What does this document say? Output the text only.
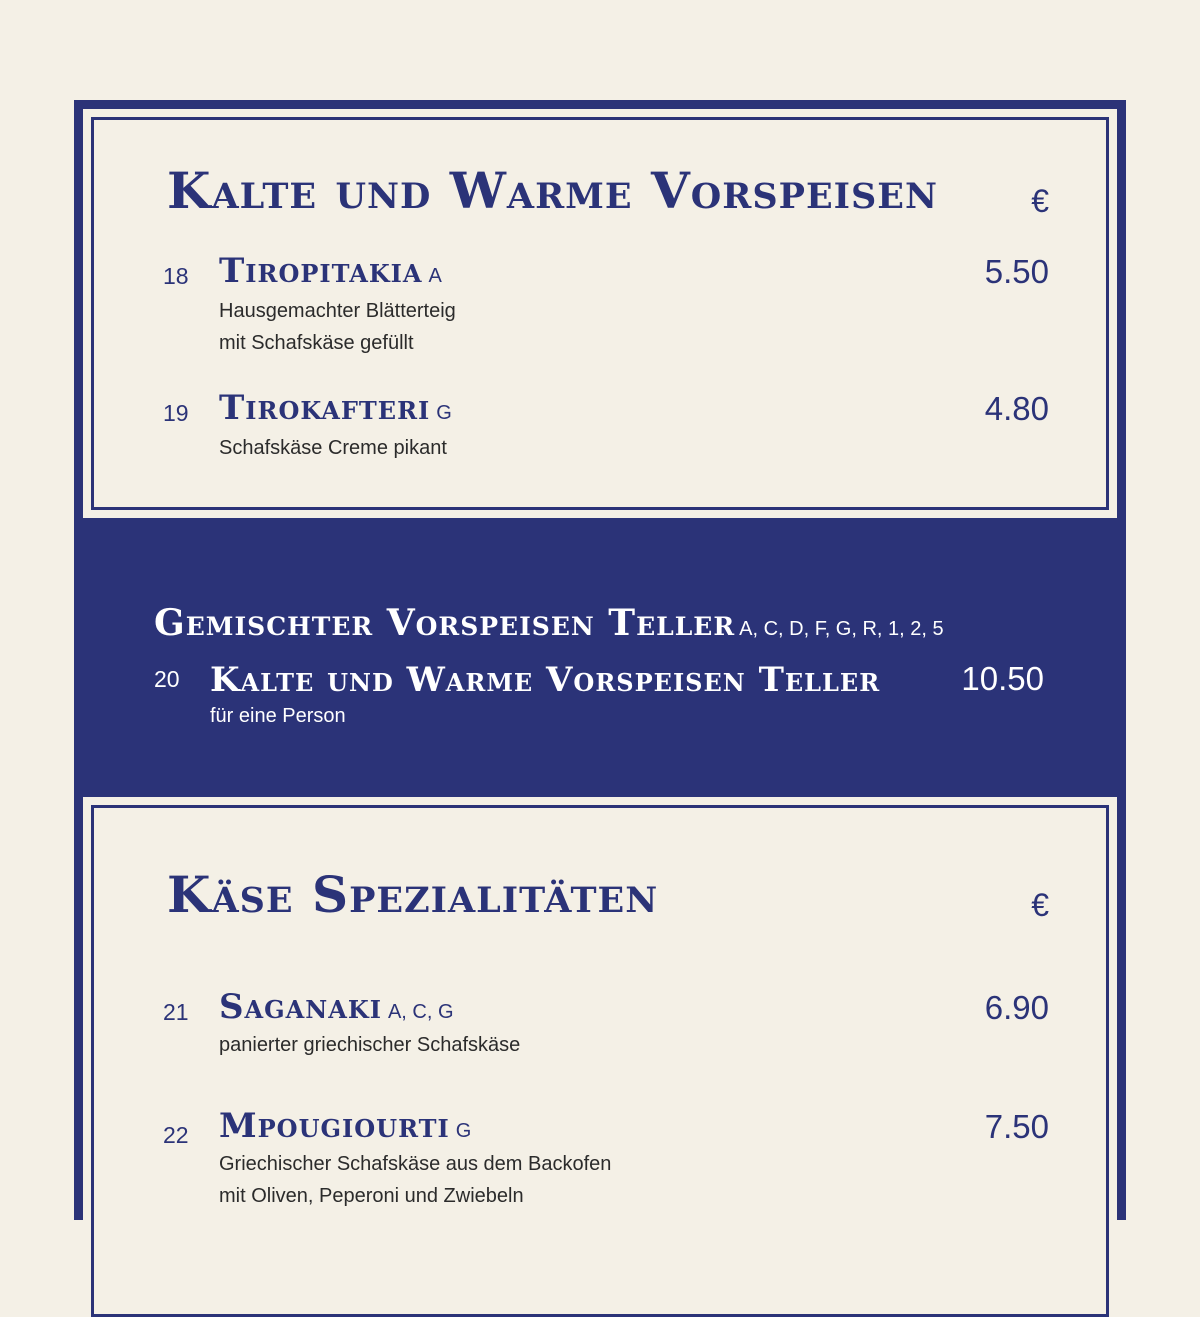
Kalte und Warme Vorspeisen	€
18 Tiropitakia A	5.50
Hausgemachter Blätterteig
mit Schafskäse gefüllt
19 Tirokafteri G	4.80
Schafskäse Creme pikant
Gemischter Vorspeisen Teller A, C, D, F, G, R, 1, 2, 5
20 Kalte und Warme Vorspeisen Teller 10.50
für eine Person
Käse Spezialitäten	€
21 Saganaki A, C, G	6.90
panierter griechischer Schafskäse
22 Mpougiourti G	7.50
Griechischer Schafskäse aus dem Backofen
mit Oliven, Peperoni und Zwiebeln
